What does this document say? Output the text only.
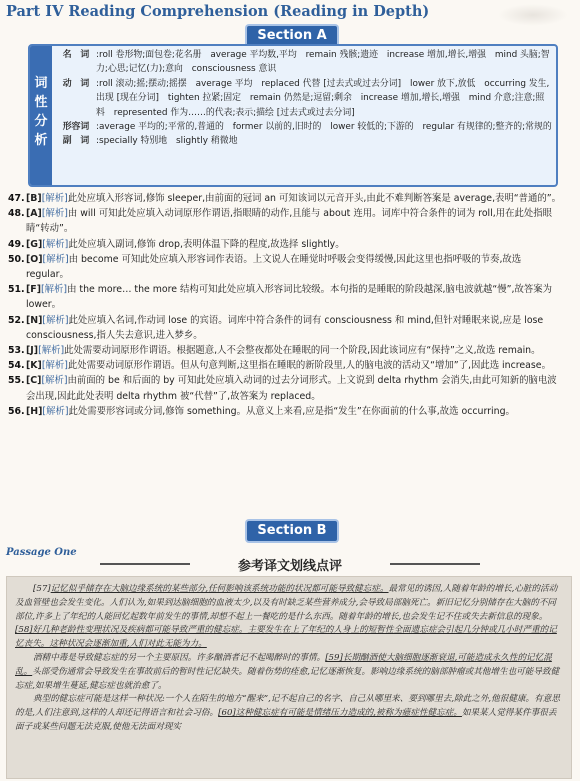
Part IV Reading Comprehension (Reading in Depth)
Section A
词
性
分
析
名　词 :roll 卷形物;面包卷;花名册　average 平均数,平均　remain 残骸;遗迹　increase 增加,增长,增强　mind 头脑;智力;心思;记忆(力);意向　consciousness 意识
动　词 :roll 滚动;摇;摆动;摇摆　average 平均　replaced 代替 [过去式或过去分词]　lower 放下,放低　occurring 发生,出现 [现在分词]　tighten 拉紧;固定　remain 仍然是;逗留;剩余　increase 增加,增长,增强　mind 介意;注意;照料　represented 作为……的代表;表示;描绘 [过去式或过去分词]
形容词 :average 平均的;平常的,普通的　former 以前的,旧时的　lower 较低的;下游的　regular 有规律的;整齐的;常规的
副　词 :specially 特别地　slightly 稍微地
47.[B][解析]此处应填入形容词,修饰 sleeper,由前面的冠词 an 可知该词以元音开头,由此不难判断答案是 average,表明“普通的”。
48.[A][解析]由 will 可知此处应填入动词原形作谓语,指眼睛的动作,且能与 about 连用。词库中符合条件的词为 roll,用在此处指眼睛“转动”。
49.[G][解析]此处应填入副词,修饰 drop,表明体温下降的程度,故选择 slightly。
50.[O][解析]由 become 可知此处应填入形容词作表语。上文说人在睡觉时呼吸会变得缓慢,因此这里也指呼吸的节奏,故选 regular。
51.[F][解析]由 the more… the more 结构可知此处应填入形容词比较级。本句指的是睡眠的阶段越深,脑电波就越“慢”,故答案为 lower。
52.[N][解析]此处应填入名词,作动词 lose 的宾语。词库中符合条件的词有 consciousness 和 mind,但针对睡眠来说,应是 lose consciousness,指人失去意识,进入梦乡。
53.[J][解析]此处需要动词原形作谓语。根据题意,人不会整夜都处在睡眠的同一个阶段,因此该词应有“保持”之义,故选 remain。
54.[K][解析]此处需要动词原形作谓语。但从句意判断,这里指在睡眠的新阶段里,人的脑电波的活动又“增加”了,因此选 increase。
55.[C][解析]由前面的 be 和后面的 by 可知此处应填入动词的过去分词形式。上文说到 delta rhythm 会消失,由此可知新的脑电波会出现,因此此处表明 delta rhythm 被“代替”了,故答案为 replaced。
56.[H][解析]此处需要形容词或分词,修饰 something。从意义上来看,应是指“发生”在你面前的什么事,故选 occurring。
Section B
Passage One
参考译文划线点评

[57]记忆似乎储存在大脑边缘系统的某些部分,任何影响该系统功能的状况都可能导致健忘症。最常见的诱因,人随着年龄的增长,心脏的活动及血管壁也会发生变化。人们认为,如果到达脑细胞的血液太少,以及有时缺乏某些营养成分,会导致局部脑死亡。新旧记忆分别储存在大脑的不同部位,许多上了年纪的人能回忆起数年前发生的事情,却想不起上一餐吃的是什么东西。随着年龄的增长,也会发生记不住或失去新信息的现象。[58]好几种老龄性变理状况及疾病都可能导致严重的健忘症。主要发生在上了年纪的人身上的短暂性全面遗忘症会引起几分钟或几小时严重的记忆丧失。这种状况会逐渐加重,人们对此无能为力。

酒精中毒是导致健忘症的另一个主要原因。许多酗酒者记不起喝醉时的事情。[59]长期酗酒使大脑细胞逐渐衰退,可能造成永久性的记忆混乱。头部受伤通常会导致发生在事故前后的暂时性记忆缺失。随着伤势的痊愈,记忆逐渐恢复。影响边缘系统的脑部肿瘤或其他增生也可能导致健忘症,如果增生蔓延,健忘症也就治愈了。

典型的健忘症可能是这样一种状况:一个人在陌生的地方“醒来”,记不起自己的名字、自己从哪里来、要到哪里去,除此之外,他很健康。有意思的是,人们注意到,这样的人却还记得语言和社会习俗。[60]这种健忘症有可能是情绪压力造成的,被称为癔症性健忘症。如果某人觉得某件事很丢面子或某些问题无法克服,使他无法面对现实
